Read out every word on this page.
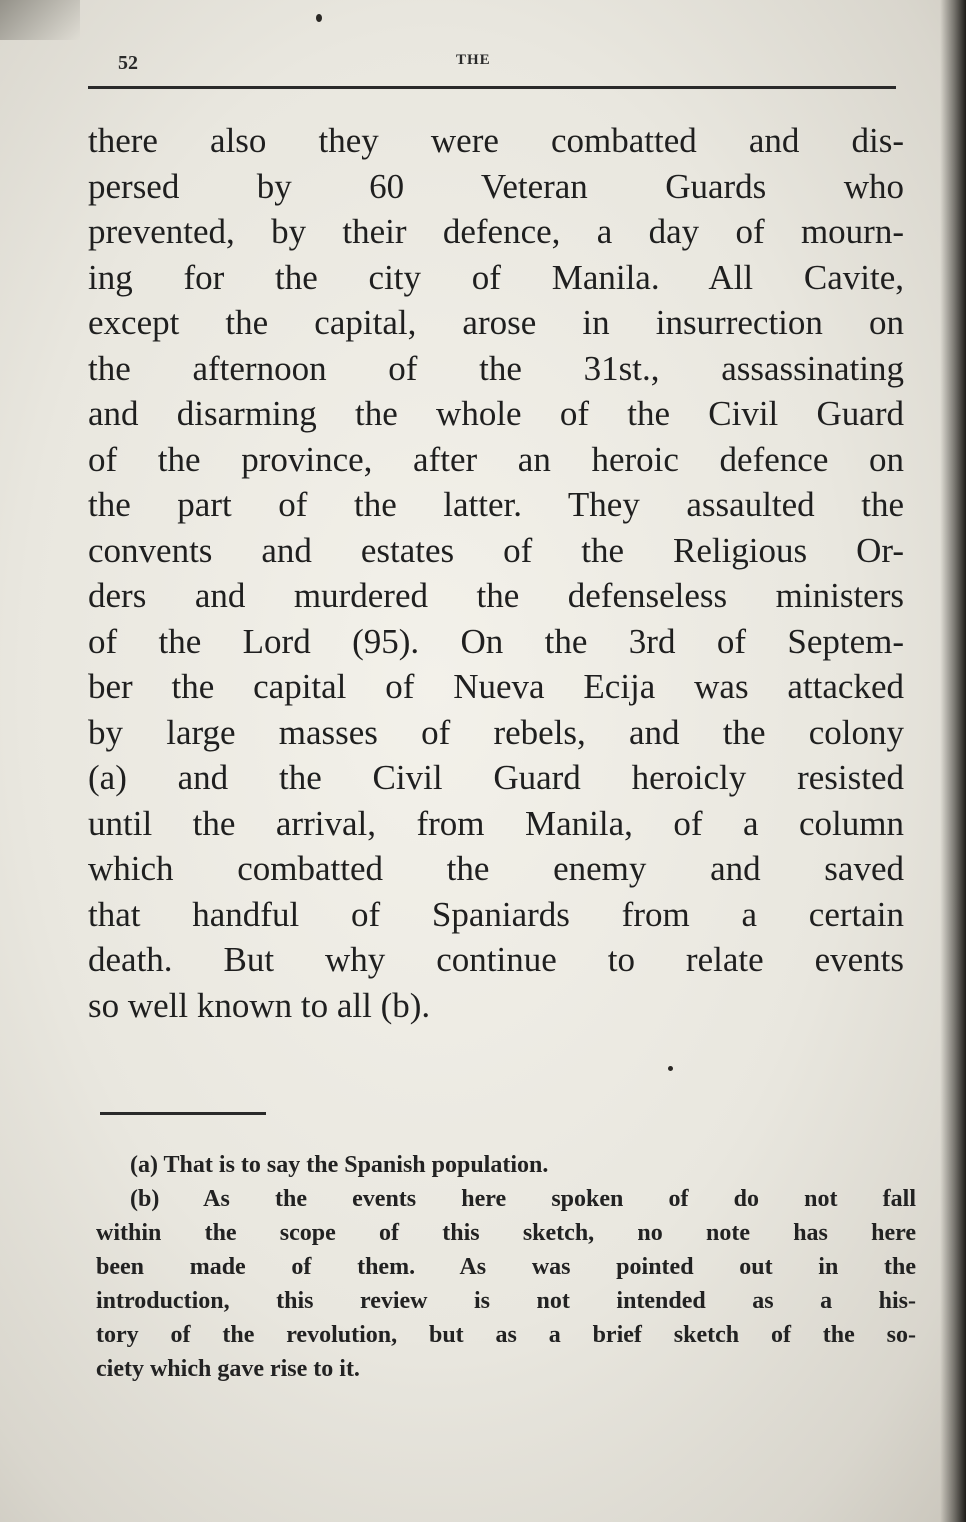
52	THE
there also they were combatted and dis-
persed by 60 Veteran Guards who
prevented, by their defence, a day of mourn-
ing for the city of Manila. All Cavite,
except the capital, arose in insurrection on
the afternoon of the 31st., assassinating
and disarming the whole of the Civil Guard
of the province, after an heroic defence on
the part of the latter. They assaulted the
convents and estates of the Religious Or-
ders and murdered the defenseless ministers
of the Lord (95). On the 3rd of Septem-
ber the capital of Nueva Ecija was attacked
by large masses of rebels, and the colony
(a) and the Civil Guard heroicly resisted
until the arrival, from Manila, of a column
which combatted the enemy and saved
that handful of Spaniards from a certain
death. But why continue to relate events
so well known to all (b).
(a) That is to say the Spanish population.
(b) As the events here spoken of do not fall
within the scope of this sketch, no note has here
been made of them. As was pointed out in the
introduction, this review is not intended as a his-
tory of the revolution, but as a brief sketch of the so-
ciety which gave rise to it.
